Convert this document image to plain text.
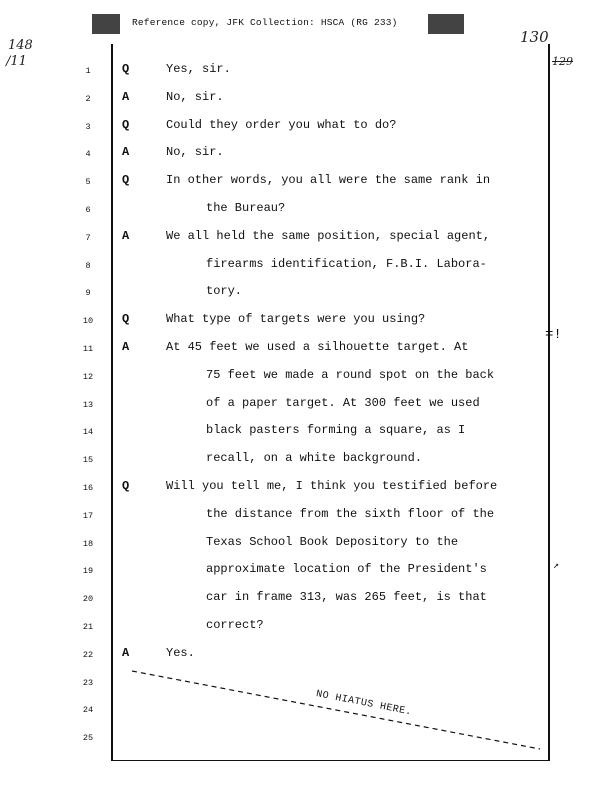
Reference copy, JFK Collection: HSCA (RG 233)
148
/11
130
129
=!
↗
1	Q	Yes, sir.
2	A	No, sir.
3	Q	Could they order you what to do?
4	A	No, sir.
5	Q	In other words, you all were the same rank in
6	the Bureau?
7	A	We all held the same position, special agent,
8	firearms identification, F.B.I. Labora-
9	tory.
10	Q	What type of targets were you using?
11	A	At 45 feet we used a silhouette target. At
12	75 feet we made a round spot on the back
13	of a paper target. At 300 feet we used
14	black pasters forming a square, as I
15	recall, on a white background.
16	Q	Will you tell me, I think you testified before
17	the distance from the sixth floor of the
18	Texas School Book Depository to the
19	approximate location of the President's
20	car in frame 313, was 265 feet, is that
21	correct?
22	A	Yes.
23
24
25
NO HIATUS HERE.
